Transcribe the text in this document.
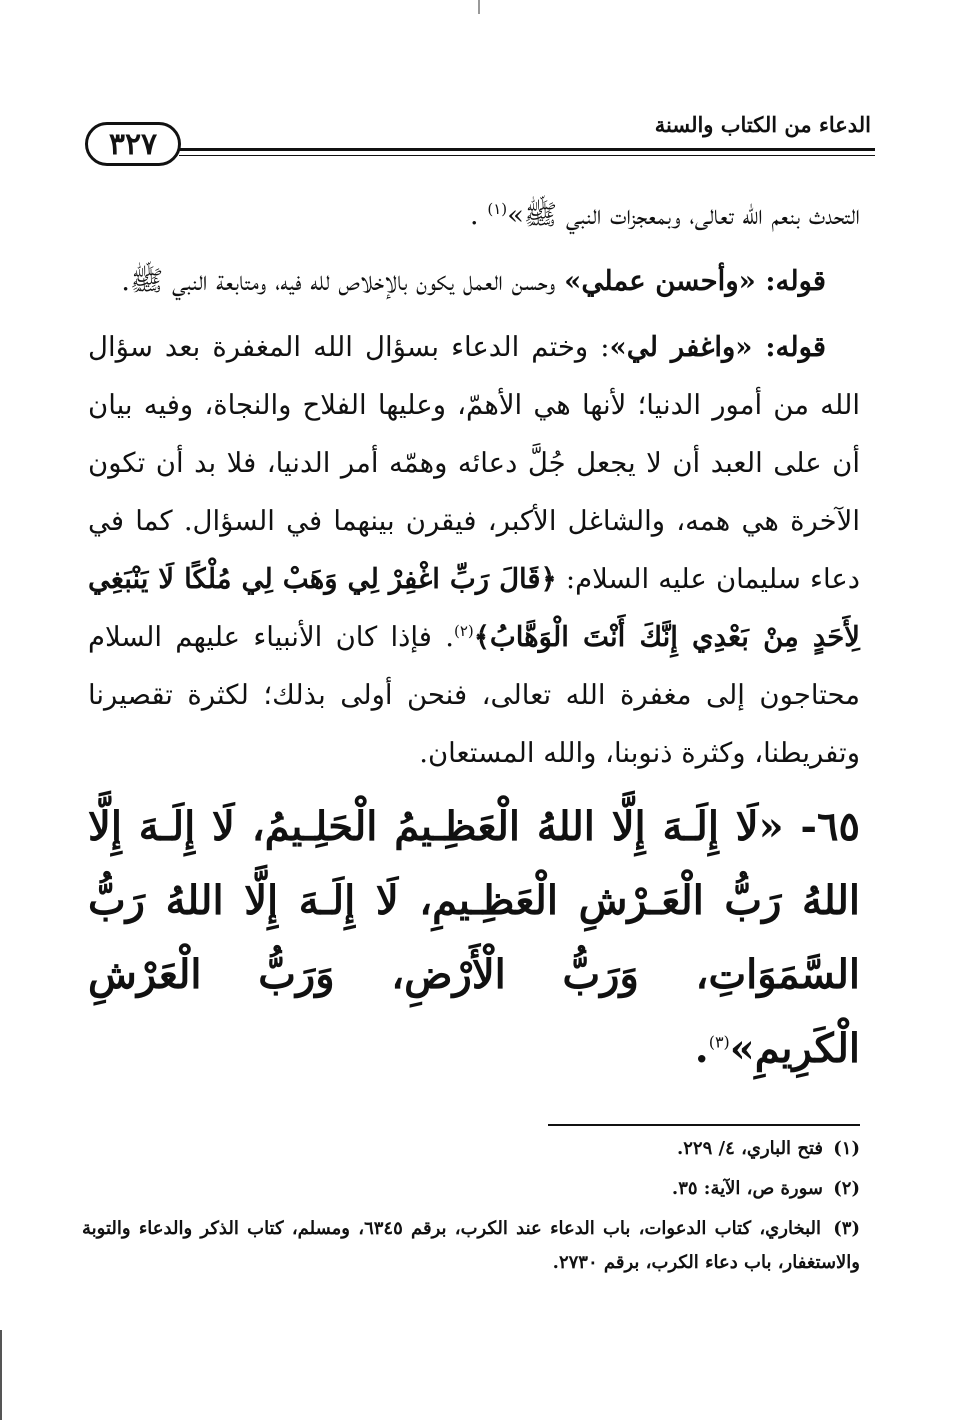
٣٢٧
الدعاء من الكتاب والسنة

التحدث بنعم الله تعالى، وبمعجزات النبي ﷺ»$^{(١)}$ .

قوله: «وأحسن عملي» وحسن العمل يكون بالإخلاص لله فيه، ومتابعة النبي ﷺ.

قوله: «واغفر لي»: وختم الدعاء بسؤال الله المغفرة بعد سؤال الله من أمور الدنيا؛ لأنها هي الأهمّ، وعليها الفلاح والنجاة، وفيه بيان أن على العبد أن لا يجعل جُلَّ دعائه وهمّه أمر الدنيا، فلا بد أن تكون الآخرة هي همه، والشاغل الأكبر، فيقرن بينهما في السؤال. كما في دعاء سليمان عليه السلام: ﴿قَالَ رَبِّ اغْفِرْ لِي وَهَبْ لِي مُلْكًا لَا يَنْبَغِي لِأَحَدٍ مِنْ بَعْدِي إِنَّكَ أَنْتَ الْوَهَّابُ﴾$^{(٢)}$. فإذا كان الأنبياء عليهم السلام محتاجون إلى مغفرة الله تعالى، فنحن أولى بذلك؛ لكثرة تقصيرنا وتفريطنا، وكثرة ذنوبنا، والله المستعان.

٦٥- «لَا إِلَـهَ إِلَّا اللهُ الْعَظِـيمُ الْحَلِـيمُ، لَا إِلَـهَ إِلَّا اللهُ رَبُّ الْعَـرْشِ الْعَظِـيمِ، لَا إِلَـهَ إِلَّا اللهُ رَبُّ السَّمَوَاتِ، وَرَبُّ الْأَرْضِ، وَرَبُّ الْعَرْشِ الْكَرِيمِ»$^{(٣)}$.

(١) فتح الباري، ٤/ ٢٢٩.

(٢) سورة ص، الآية: ٣٥.

(٣) البخاري، كتاب الدعوات، باب الدعاء عند الكرب، برقم ٦٣٤٥، ومسلم، كتاب الذكر والدعاء والتوبة والاستغفار، باب دعاء الكرب، برقم ٢٧٣٠.
